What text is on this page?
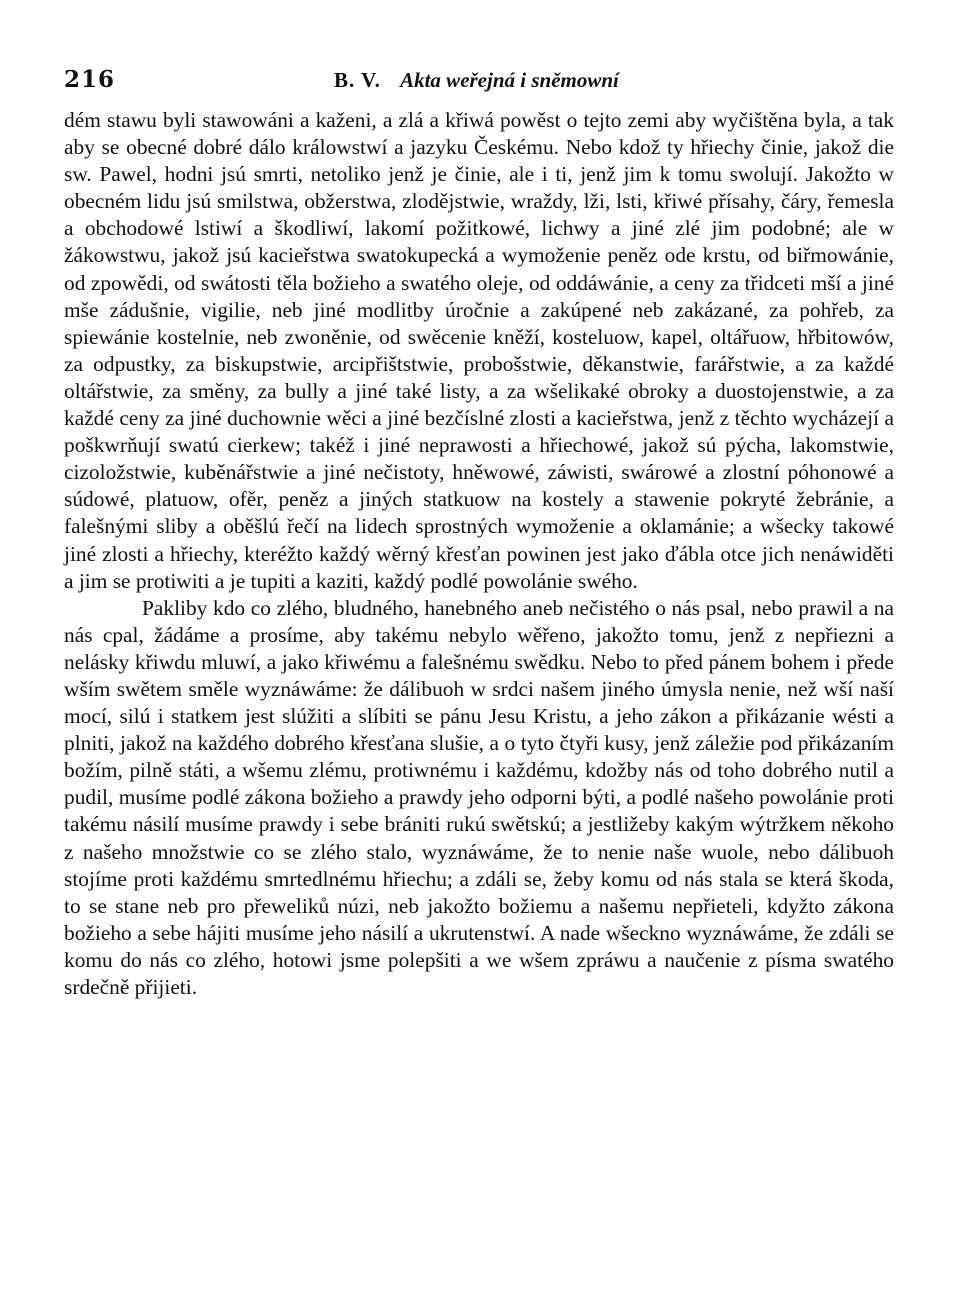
216	B. V. Akta weřejná i sněmowní

dém stawu byli stawowáni a kaženi, a zlá a křiwá powěst o tejto zemi aby wyčištěna byla, a tak aby se obecné dobré dálo králowstwí a jazyku Českému. Nebo kdož ty hřiechy činie, jakož die sw. Pawel, hodni jsú smrti, netoliko jenž je činie, ale i ti, jenž jim k tomu swolují. Jakožto w obecném lidu jsú smilstwa, obžerstwa, zlodějstwie, wraždy, lži, lsti, křiwé přísahy, čáry, řemesla a obchodowé lstiwí a škodliwí, lakomí požitkowé, lichwy a jiné zlé jim podobné; ale w žákowstwu, jakož jsú kacieřstwa swatokupecká a wymoženie peněz ode krstu, od biřmowánie, od zpowědi, od swátosti těla božieho a swatého oleje, od oddáwánie, a ceny za třidceti mší a jiné mše zádušnie, vigilie, neb jiné modlitby úročnie a zakúpené neb zakázané, za pohřeb, za spiewánie kostelnie, neb zwoněnie, od swěcenie kněží, kosteluow, kapel, oltářuow, hřbitowów, za odpustky, za biskupstwie, arcipřištstwie, probošstwie, děkanstwie, farářstwie, a za každé oltářstwie, za směny, za bully a jiné také listy, a za wšelikaké obroky a duostojenstwie, a za každé ceny za jiné duchownie wěci a jiné bezčíslné zlosti a kacieřstwa, jenž z těchto wycházejí a poškwrňují swatú cierkew; takéž i jiné neprawosti a hřiechowé, jakož sú pýcha, lakomstwie, cizoložstwie, kuběnářstwie a jiné nečistoty, hněwowé, záwisti, swárowé a zlostní póhonowé a súdowé, platuow, ofěr, peněz a jiných statkuow na kostely a stawenie pokryté žebránie, a falešnými sliby a oběšlú řečí na lidech sprostných wymoženie a oklamánie; a wšecky takowé jiné zlosti a hřiechy, kteréžto každý wěrný křesťan powinen jest jako ďábla otce jich nenáwiděti a jim se protiwiti a je tupiti a kaziti, každý podlé powolánie swého.

Pakliby kdo co zlého, bludného, hanebného aneb nečistého o nás psal, nebo prawil a na nás cpal, žádáme a prosíme, aby takému nebylo wěřeno, jakožto tomu, jenž z nepřiezni a nelásky křiwdu mluwí, a jako křiwému a falešnému swědku. Nebo to před pánem bohem i přede wším swětem směle wyznáwáme: že dálibuoh w srdci našem jiného úmysla nenie, než wší naší mocí, silú i statkem jest slúžiti a slíbiti se pánu Jesu Kristu, a jeho zákon a přikázanie wésti a plniti, jakož na každého dobrého křesťana slušie, a o tyto čtyři kusy, jenž záležie pod přikázaním božím, pilně státi, a wšemu zlému, protiwnému i každému, kdožby nás od toho dobrého nutil a pudil, musíme podlé zákona božieho a prawdy jeho odporni býti, a podlé našeho powolánie proti takému násilí musíme prawdy i sebe brániti rukú swětskú; a jestližeby kakým wýtržkem někoho z našeho množstwie co se zlého stalo, wyznáwáme, že to nenie naše wuole, nebo dálibuoh stojíme proti každému smrtedlnému hřiechu; a zdáli se, žeby komu od nás stala se která škoda, to se stane neb pro přeweliků núzi, neb jakožto božiemu a našemu nepřieteli, kdyžto zákona božieho a sebe hájiti musíme jeho násilí a ukrutenstwí. A nade wšeckno wyznáwáme, že zdáli se komu do nás co zlého, hotowi jsme polepšiti a we wšem zpráwu a naučenie z písma swatého srdečně přijieti.
